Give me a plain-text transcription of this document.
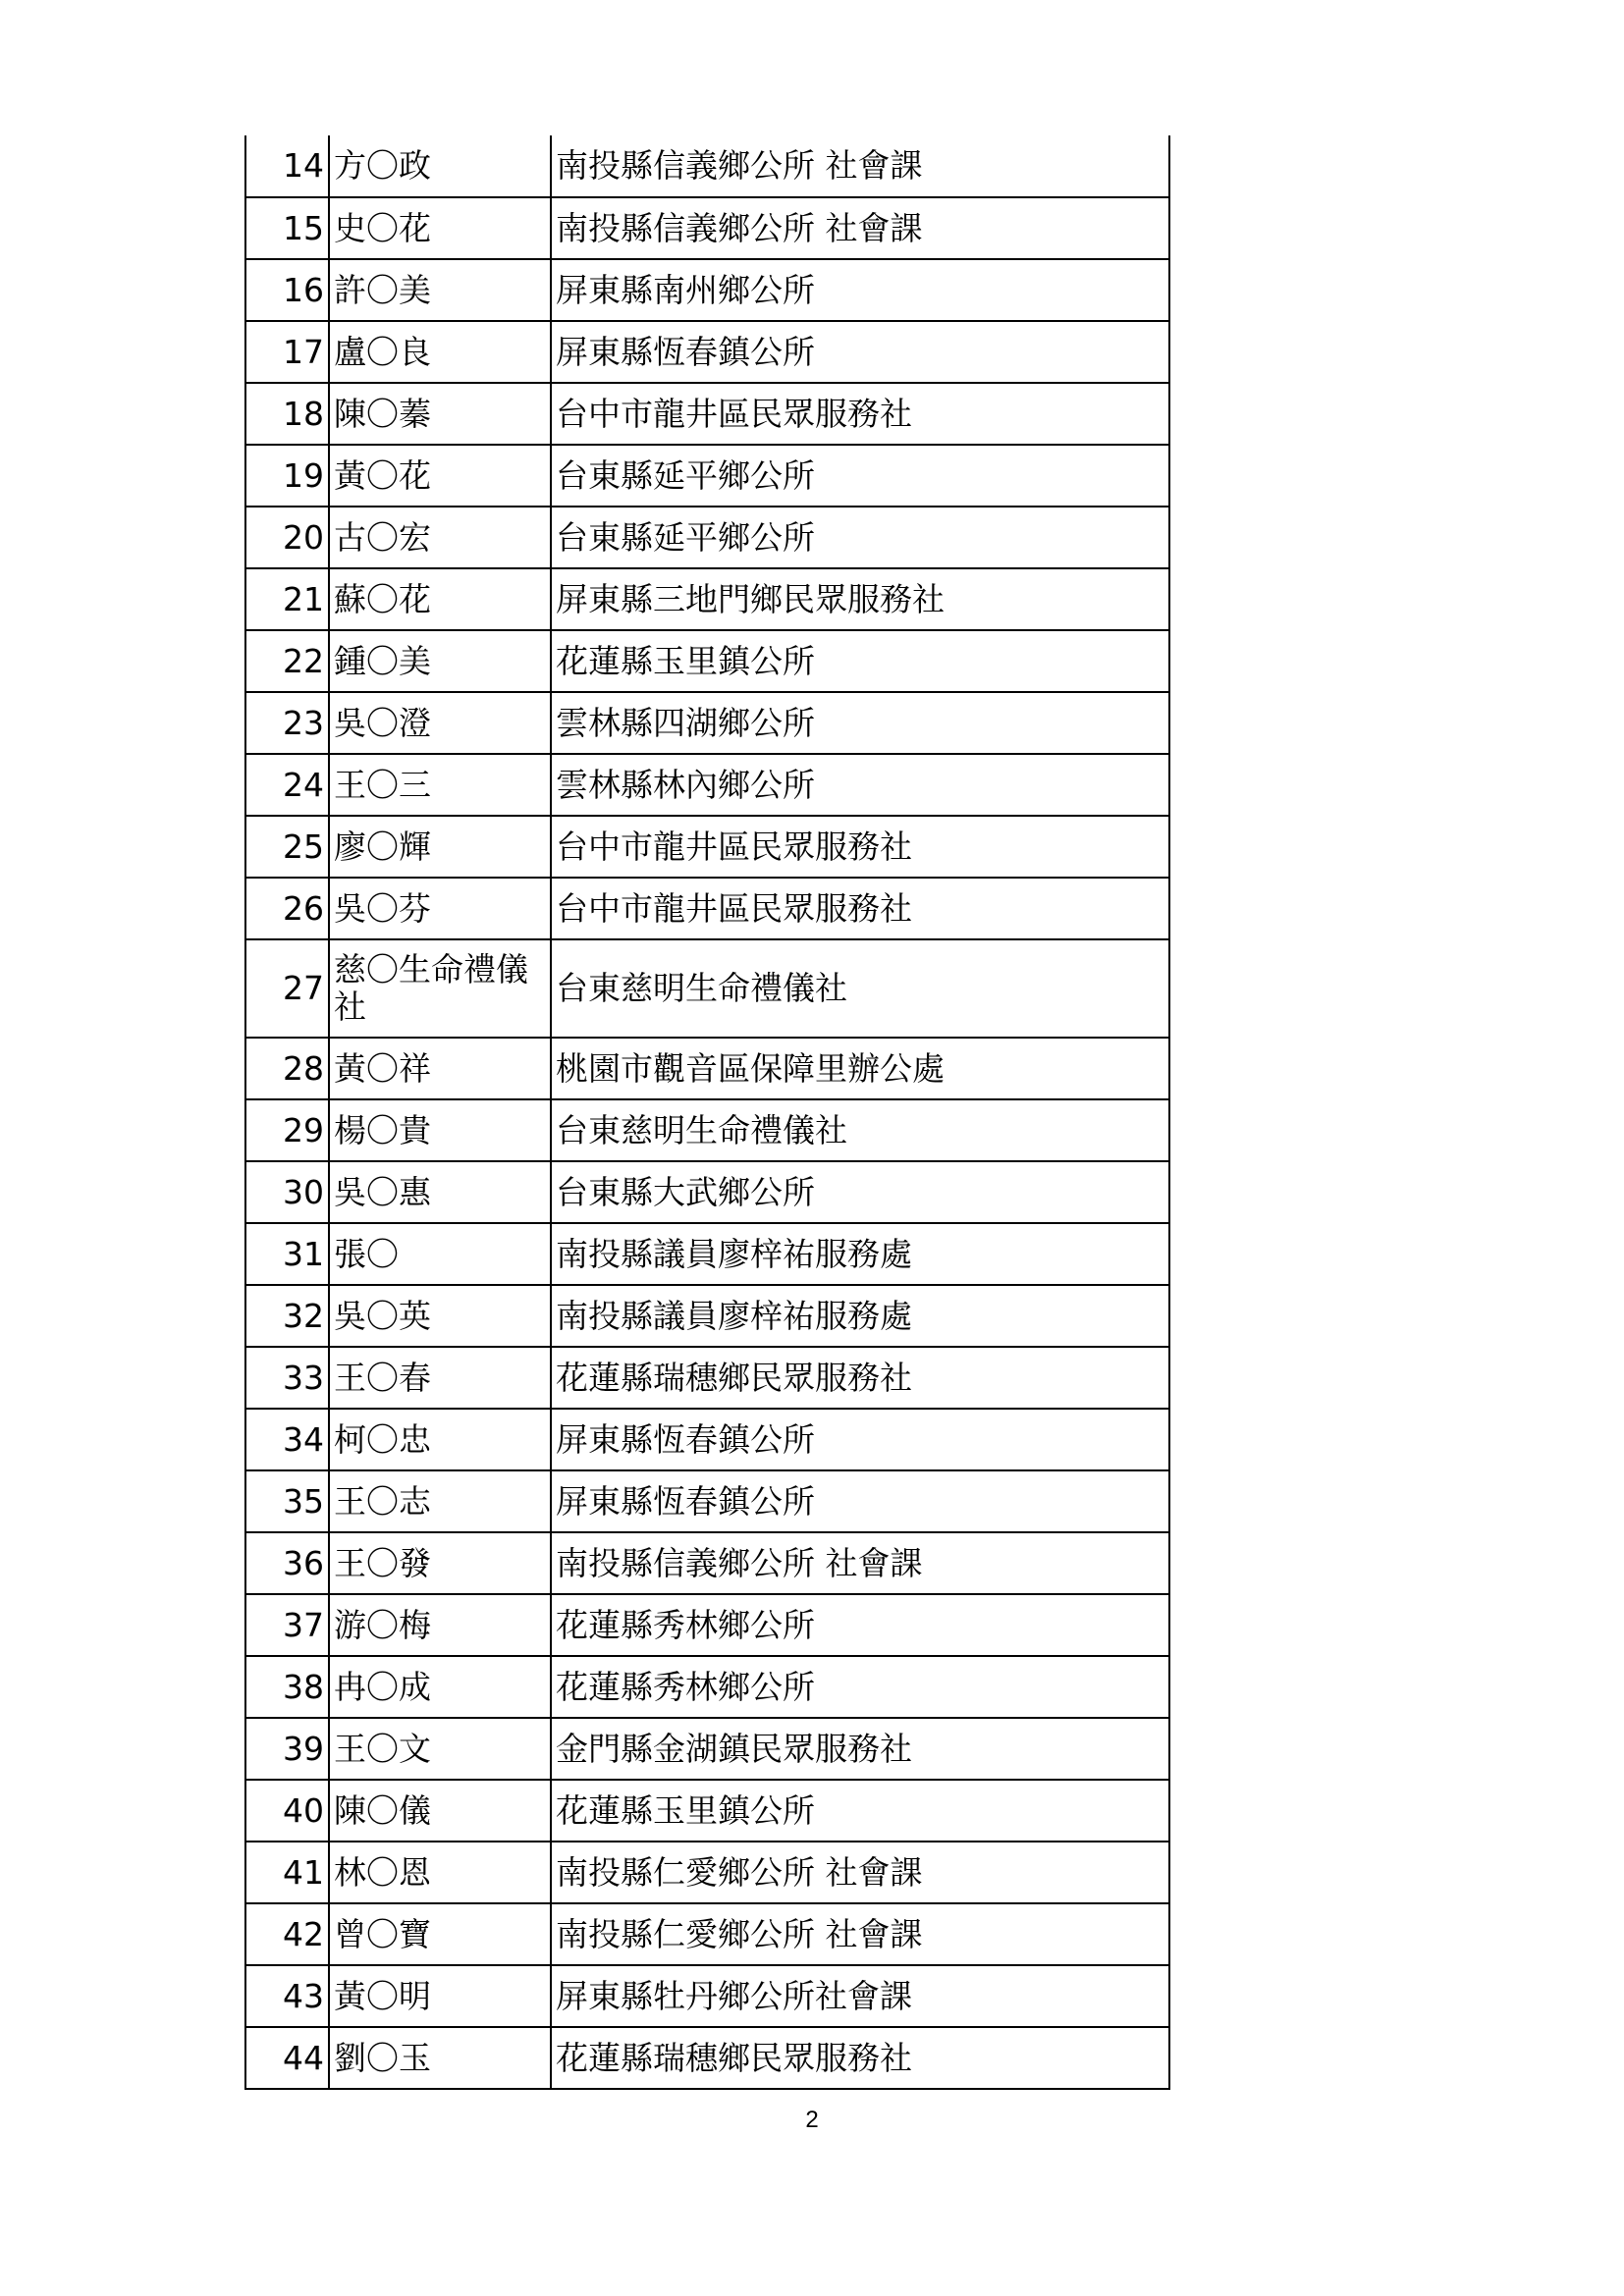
14	方〇政	南投縣信義鄉公所 社會課
15	史〇花	南投縣信義鄉公所 社會課
16	許〇美	屏東縣南州鄉公所
17	盧〇良	屏東縣恆春鎮公所
18	陳〇蓁	台中市龍井區民眾服務社
19	黃〇花	台東縣延平鄉公所
20	古〇宏	台東縣延平鄉公所
21	蘇〇花	屏東縣三地門鄉民眾服務社
22	鍾〇美	花蓮縣玉里鎮公所
23	吳〇澄	雲林縣四湖鄉公所
24	王〇三	雲林縣林內鄉公所
25	廖〇輝	台中市龍井區民眾服務社
26	吳〇芬	台中市龍井區民眾服務社
27	慈〇生命禮儀社	台東慈明生命禮儀社
28	黃〇祥	桃園市觀音區保障里辦公處
29	楊〇貴	台東慈明生命禮儀社
30	吳〇惠	台東縣大武鄉公所
31	張〇	南投縣議員廖梓祐服務處
32	吳〇英	南投縣議員廖梓祐服務處
33	王〇春	花蓮縣瑞穗鄉民眾服務社
34	柯〇忠	屏東縣恆春鎮公所
35	王〇志	屏東縣恆春鎮公所
36	王〇發	南投縣信義鄉公所 社會課
37	游〇梅	花蓮縣秀林鄉公所
38	冉〇成	花蓮縣秀林鄉公所
39	王〇文	金門縣金湖鎮民眾服務社
40	陳〇儀	花蓮縣玉里鎮公所
41	林〇恩	南投縣仁愛鄉公所 社會課
42	曾〇寶	南投縣仁愛鄉公所 社會課
43	黃〇明	屏東縣牡丹鄉公所社會課
44	劉〇玉	花蓮縣瑞穗鄉民眾服務社
2
